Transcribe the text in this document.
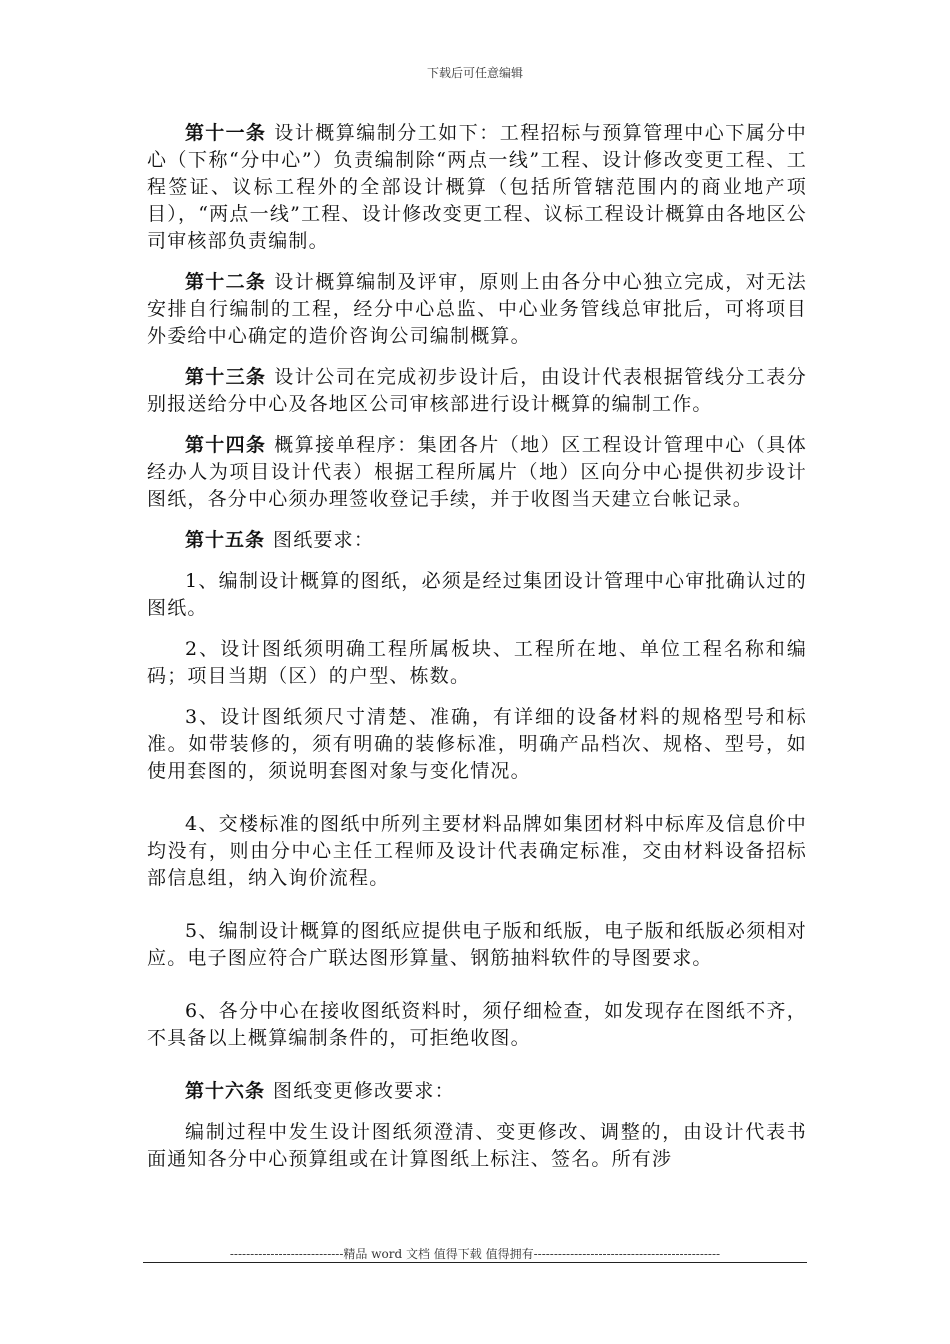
下载后可任意编辑

第十一条 设计概算编制分工如下：工程招标与预算管理中心下属分中心（下称“分中心”）负责编制除“两点一线”工程、设计修改变更工程、工程签证、议标工程外的全部设计概算（包括所管辖范围内的商业地产项目），“两点一线”工程、设计修改变更工程、议标工程设计概算由各地区公司审核部负责编制。

第十二条 设计概算编制及评审，原则上由各分中心独立完成，对无法安排自行编制的工程，经分中心总监、中心业务管线总审批后，可将项目外委给中心确定的造价咨询公司编制概算。

第十三条 设计公司在完成初步设计后，由设计代表根据管线分工表分别报送给分中心及各地区公司审核部进行设计概算的编制工作。

第十四条 概算接单程序：集团各片（地）区工程设计管理中心（具体经办人为项目设计代表）根据工程所属片（地）区向分中心提供初步设计图纸，各分中心须办理签收登记手续，并于收图当天建立台帐记录。

第十五条 图纸要求：

1、编制设计概算的图纸，必须是经过集团设计管理中心审批确认过的图纸。

2、设计图纸须明确工程所属板块、工程所在地、单位工程名称和编码；项目当期（区）的户型、栋数。

3、设计图纸须尺寸清楚、准确，有详细的设备材料的规格型号和标准。如带装修的，须有明确的装修标准，明确产品档次、规格、型号，如使用套图的，须说明套图对象与变化情况。

4、交楼标准的图纸中所列主要材料品牌如集团材料中标库及信息价中均没有，则由分中心主任工程师及设计代表确定标准，交由材料设备招标部信息组，纳入询价流程。

5、编制设计概算的图纸应提供电子版和纸版，电子版和纸版必须相对应。电子图应符合广联达图形算量、钢筋抽料软件的导图要求。

6、各分中心在接收图纸资料时，须仔细检查，如发现存在图纸不齐，不具备以上概算编制条件的，可拒绝收图。

第十六条 图纸变更修改要求：

编制过程中发生设计图纸须澄清、变更修改、调整的，由设计代表书面通知各分中心预算组或在计算图纸上标注、签名。所有涉

----------------------------精品 word 文档 值得下载 值得拥有----------------------------------------------
